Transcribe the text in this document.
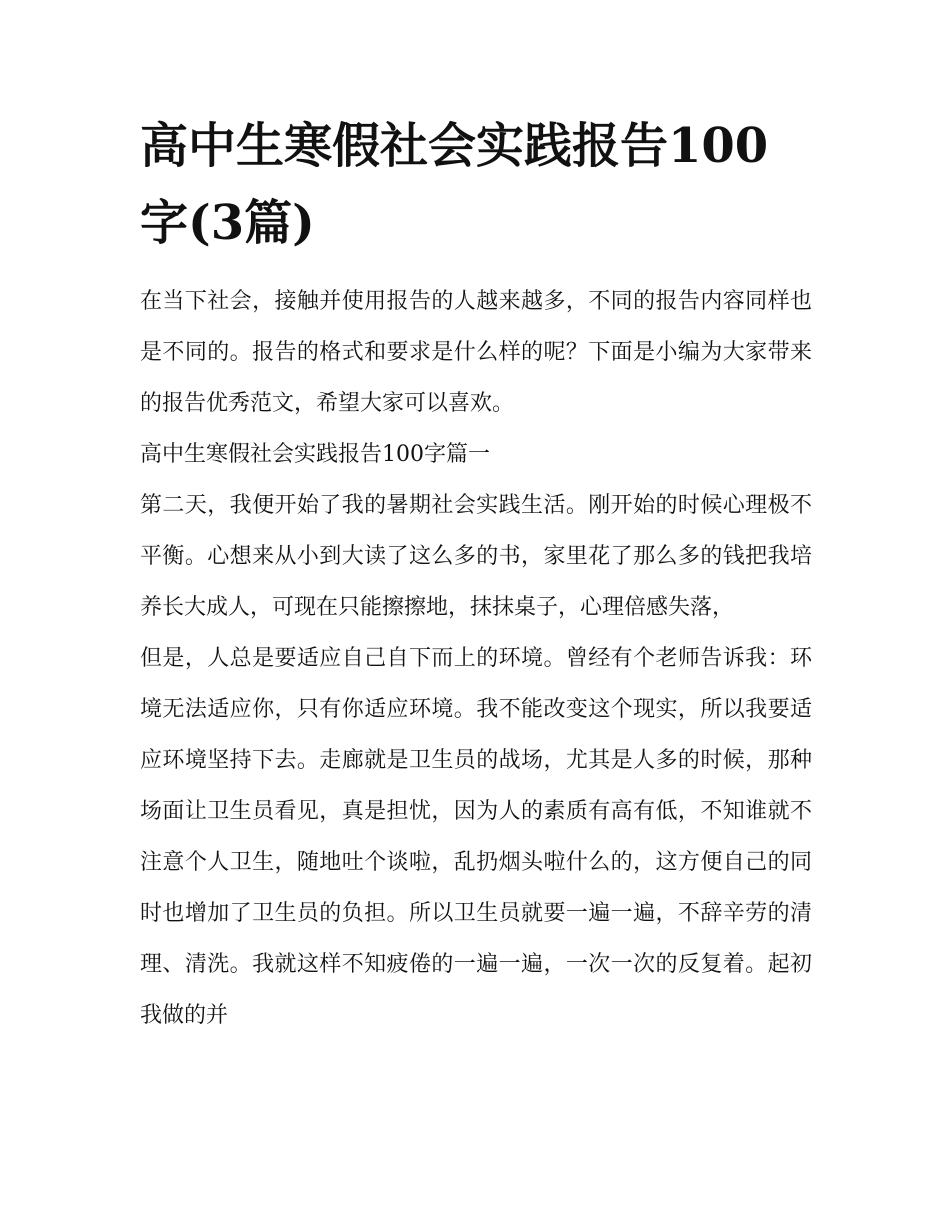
高中生寒假社会实践报告100字(3篇)

在当下社会，接触并使用报告的人越来越多，不同的报告内容同样也是不同的。报告的格式和要求是什么样的呢？下面是小编为大家带来的报告优秀范文，希望大家可以喜欢。

高中生寒假社会实践报告100字篇一

第二天，我便开始了我的暑期社会实践生活。刚开始的时候心理极不平衡。心想来从小到大读了这么多的书，家里花了那么多的钱把我培养长大成人，可现在只能擦擦地，抹抹桌子，心理倍感失落，

但是，人总是要适应自己自下而上的环境。曾经有个老师告诉我：环境无法适应你，只有你适应环境。我不能改变这个现实，所以我要适应环境坚持下去。走廊就是卫生员的战场，尤其是人多的时候，那种场面让卫生员看见，真是担忧，因为人的素质有高有低，不知谁就不注意个人卫生，随地吐个谈啦，乱扔烟头啦什么的，这方便自己的同时也增加了卫生员的负担。所以卫生员就要一遍一遍，不辞辛劳的清理、清洗。我就这样不知疲倦的一遍一遍，一次一次的反复着。起初我做的并
